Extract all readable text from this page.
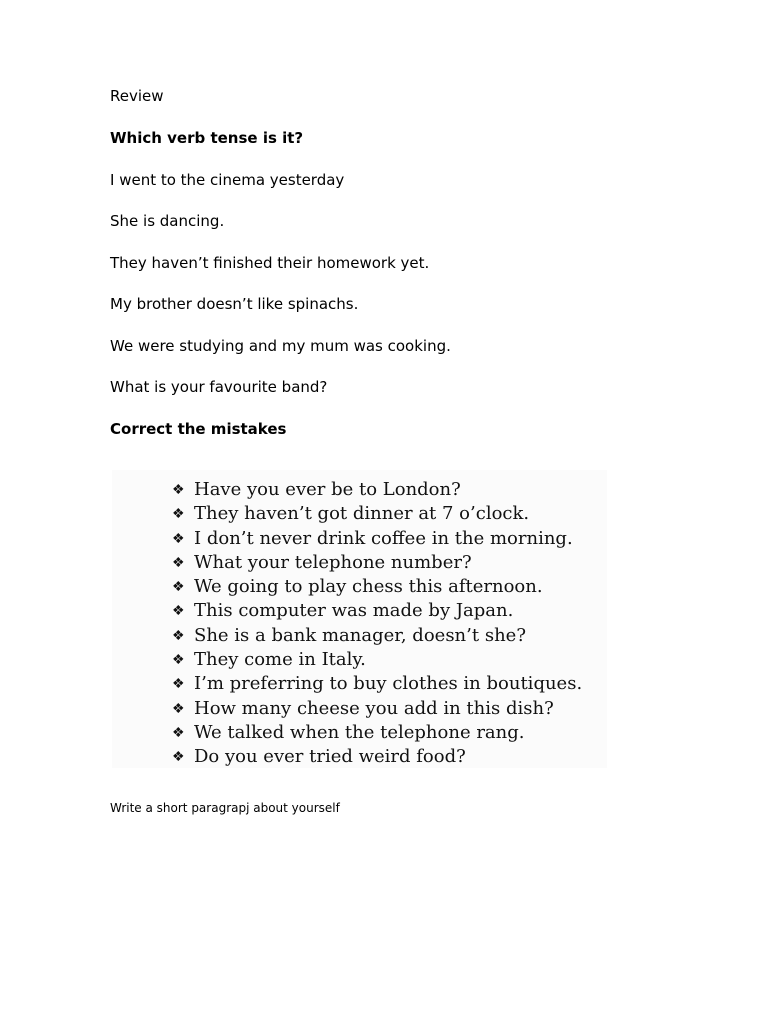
Review
Which verb tense is it?
I went to the cinema yesterday
She is dancing.
They haven’t finished their homework yet.
My brother doesn’t like spinachs.
We were studying and my mum was cooking.
What is your favourite band?
Correct the mistakes
❖ Have you ever be to London?
❖ They haven’t got dinner at 7 o’clock.
❖ I don’t never drink coffee in the morning.
❖ What your telephone number?
❖ We going to play chess this afternoon.
❖ This computer was made by Japan.
❖ She is a bank manager, doesn’t she?
❖ They come in Italy.
❖ I’m preferring to buy clothes in boutiques.
❖ How many cheese you add in this dish?
❖ We talked when the telephone rang.
❖ Do you ever tried weird food?
Write a short paragrapj about yourself
